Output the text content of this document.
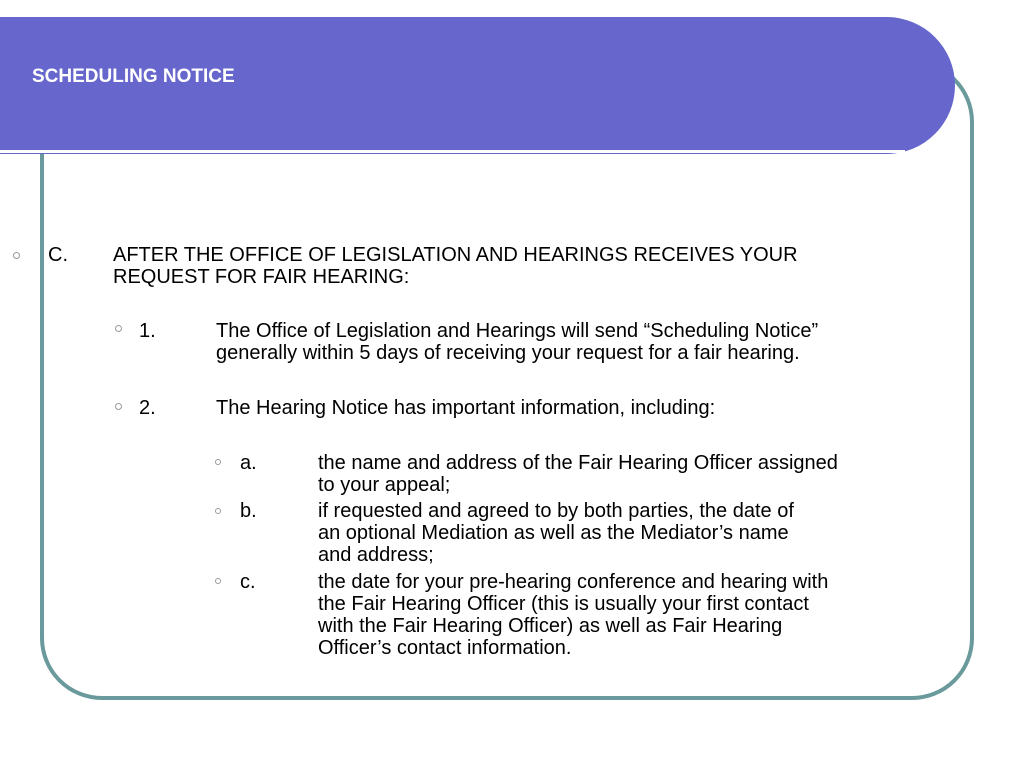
SCHEDULING NOTICE
C. AFTER THE OFFICE OF LEGISLATION AND HEARINGS RECEIVES YOUR
REQUEST FOR FAIR HEARING:
1.	The Office of Legislation and Hearings will send “Scheduling Notice”
generally within 5 days of receiving your request for a fair hearing.
2.	The Hearing Notice has important information, including:
a.	the name and address of the Fair Hearing Officer assigned
to your appeal;
b.	if requested and agreed to by both parties, the date of
an optional Mediation as well as the Mediator’s name
and address;
c.	the date for your pre-hearing conference and hearing with
the Fair Hearing Officer (this is usually your first contact
with the Fair Hearing Officer) as well as Fair Hearing
Officer’s contact information.
